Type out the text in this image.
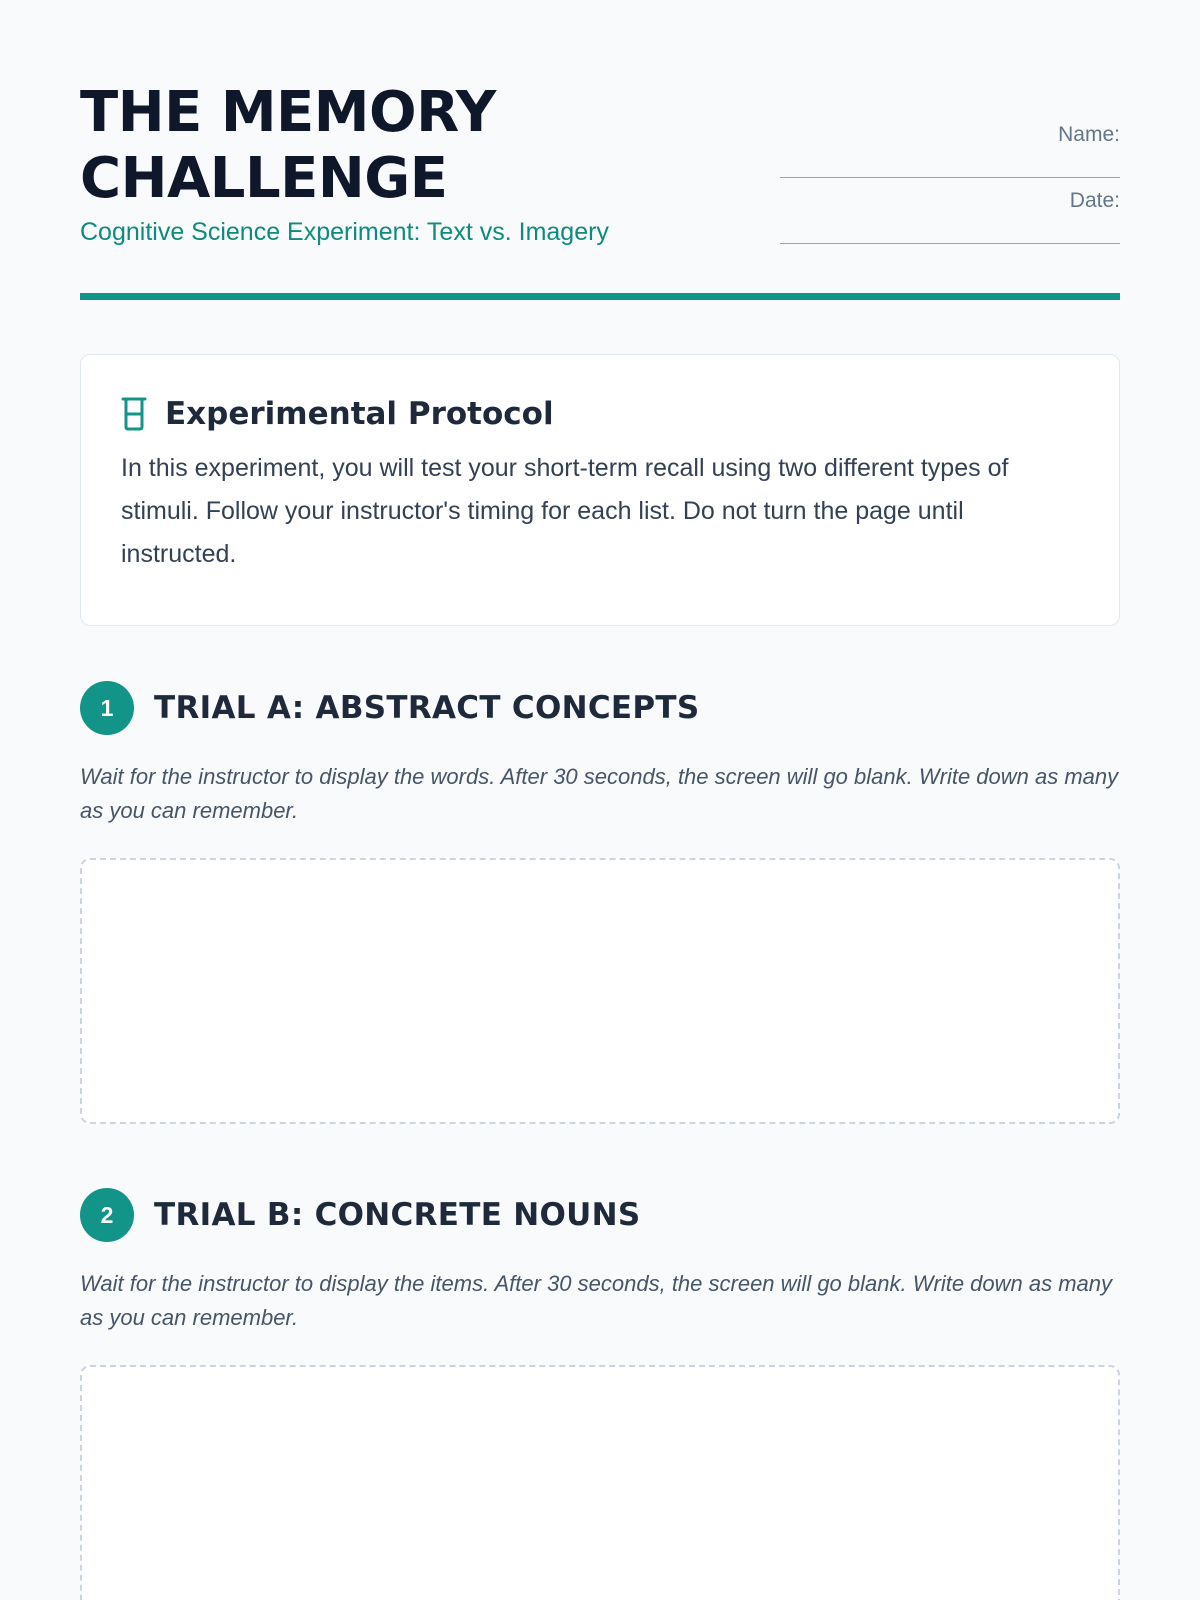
THE MEMORY
CHALLENGE
Cognitive Science Experiment: Text vs. Imagery
Name:
Date:
Experimental Protocol

In this experiment, you will test your short-term recall using two different types of stimuli. Follow your instructor's timing for each list. Do not turn the page until instructed.

1	TRIAL A: ABSTRACT CONCEPTS

Wait for the instructor to display the words. After 30 seconds, the screen will go blank. Write down as many as you can remember.

2	TRIAL B: CONCRETE NOUNS

Wait for the instructor to display the items. After 30 seconds, the screen will go blank. Write down as many as you can remember.
